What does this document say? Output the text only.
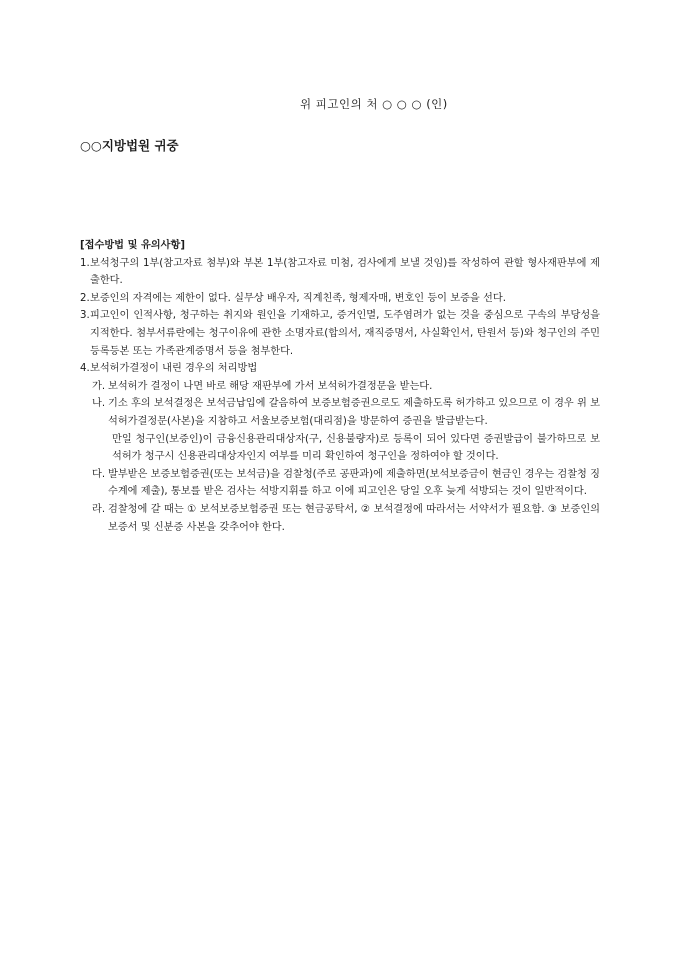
위 피고인의 처 ○ ○ ○ (인)
○○지방법원 귀중
[접수방법 및 유의사항]
1. 보석청구의 1부(참고자료 첨부)와 부본 1부(참고자료 미첨, 검사에게 보낼 것임)를 작성하여 관할 형사재판부에 제출한다.
2. 보증인의 자격에는 제한이 없다. 실무상 배우자, 직계친족, 형제자매, 변호인 등이 보증을 선다.
3. 피고인이 인적사항, 청구하는 취지와 원인을 기재하고, 증거인멸, 도주염려가 없는 것을 중심으로 구속의 부당성을 지적한다. 첨부서류란에는 청구이유에 관한 소명자료(합의서, 재직증명서, 사실확인서, 탄원서 등)와 청구인의 주민등록등본 또는 가족관계증명서 등을 첨부한다.
4. 보석허가결정이 내린 경우의 처리방법
가. 보석허가 결정이 나면 바로 해당 재판부에 가서 보석허가결정문을 받는다.
나. 기소 후의 보석결정은 보석금납입에 갈음하여 보증보험증권으로도 제출하도록 허가하고 있으므로 이 경우 위 보석허가결정문(사본)을 지참하고 서울보증보험(대리점)을 방문하여 증권을 발급받는다.
만일 청구인(보증인)이 금융신용관리대상자(구, 신용불량자)로 등록이 되어 있다면 증권발급이 불가하므로 보석허가 청구시 신용관리대상자인지 여부를 미리 확인하여 청구인을 정하여야 할 것이다.
다. 발부받은 보증보험증권(또는 보석금)을 검찰청(주로 공판과)에 제출하면(보석보증금이 현금인 경우는 검찰청 징수계에 제출), 통보를 받은 검사는 석방지휘를 하고 이에 피고인은 당일 오후 늦게 석방되는 것이 일반적이다.
라. 검찰청에 갈 때는 ① 보석보증보험증권 또는 현금공탁서, ② 보석결정에 따라서는 서약서가 필요함. ③ 보증인의 보증서 및 신분증 사본을 갖추어야 한다.
